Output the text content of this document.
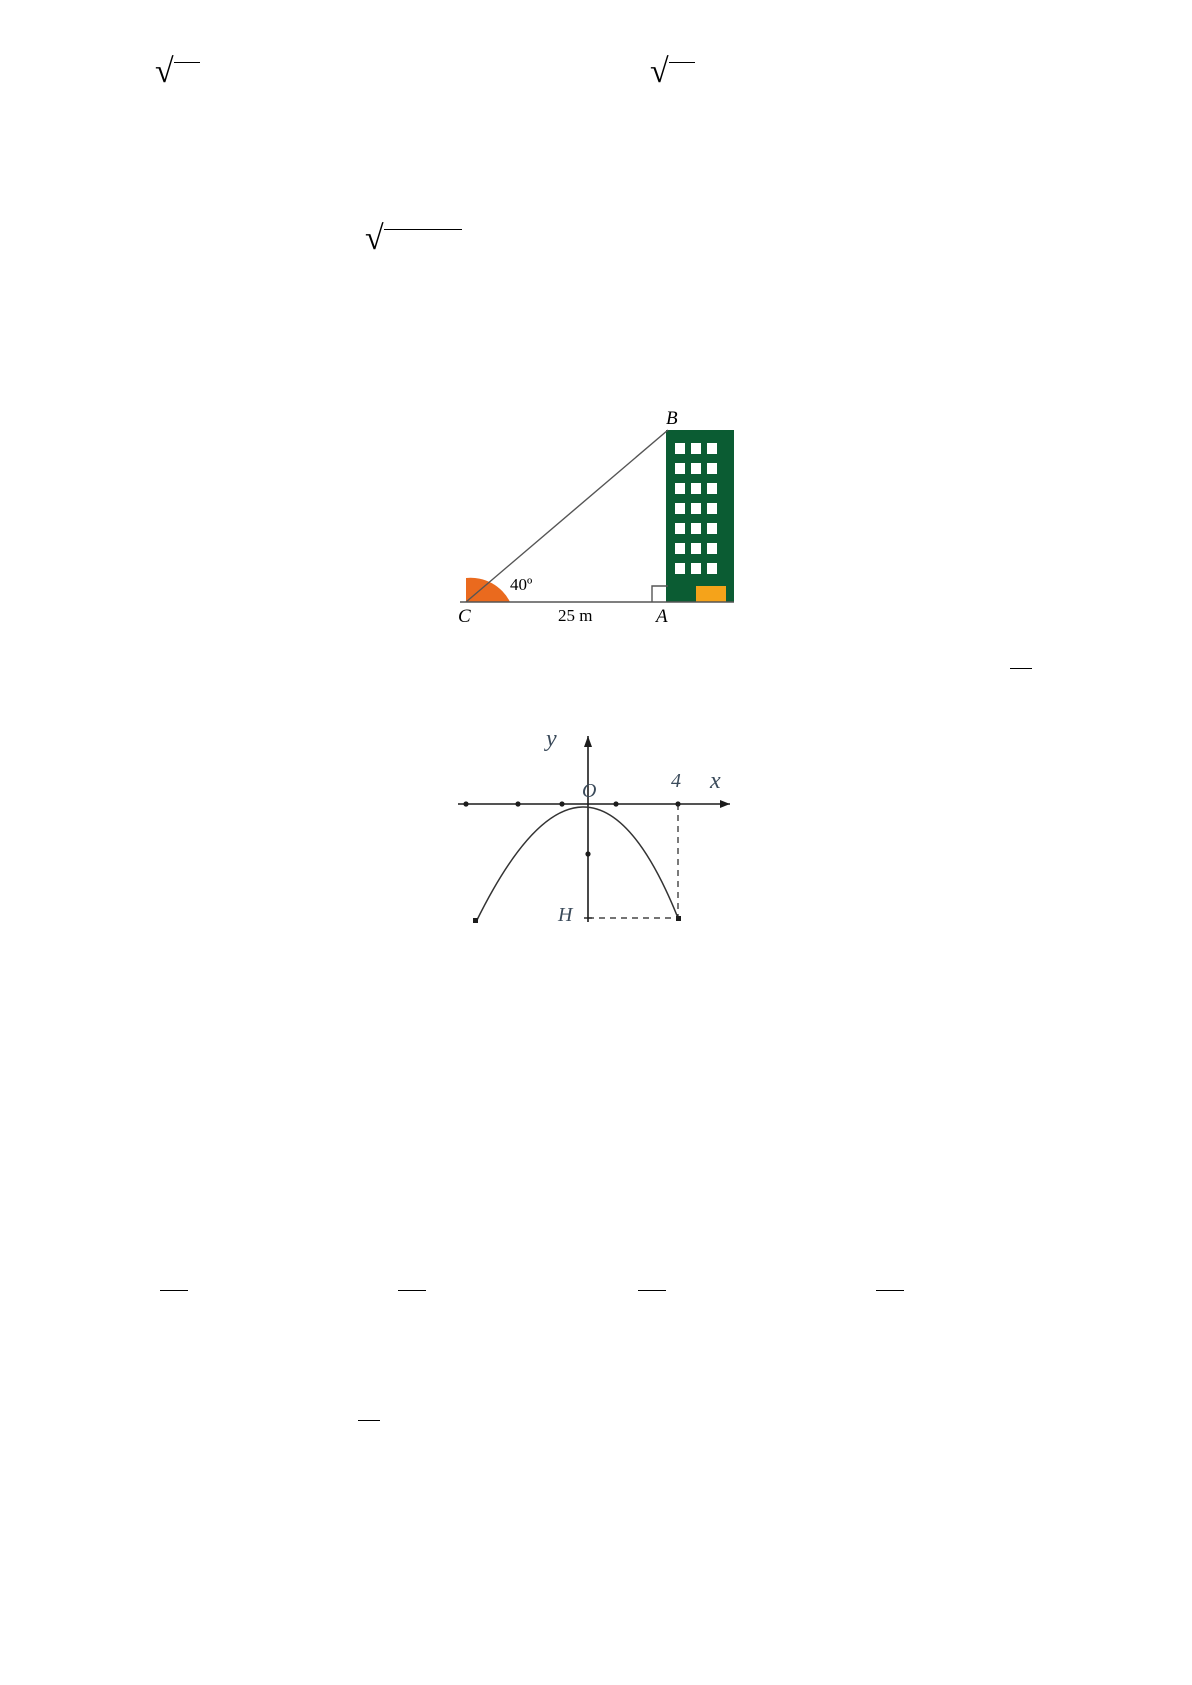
√	√
√
B
A
C
40º
25 m
y
x
O	4
H
